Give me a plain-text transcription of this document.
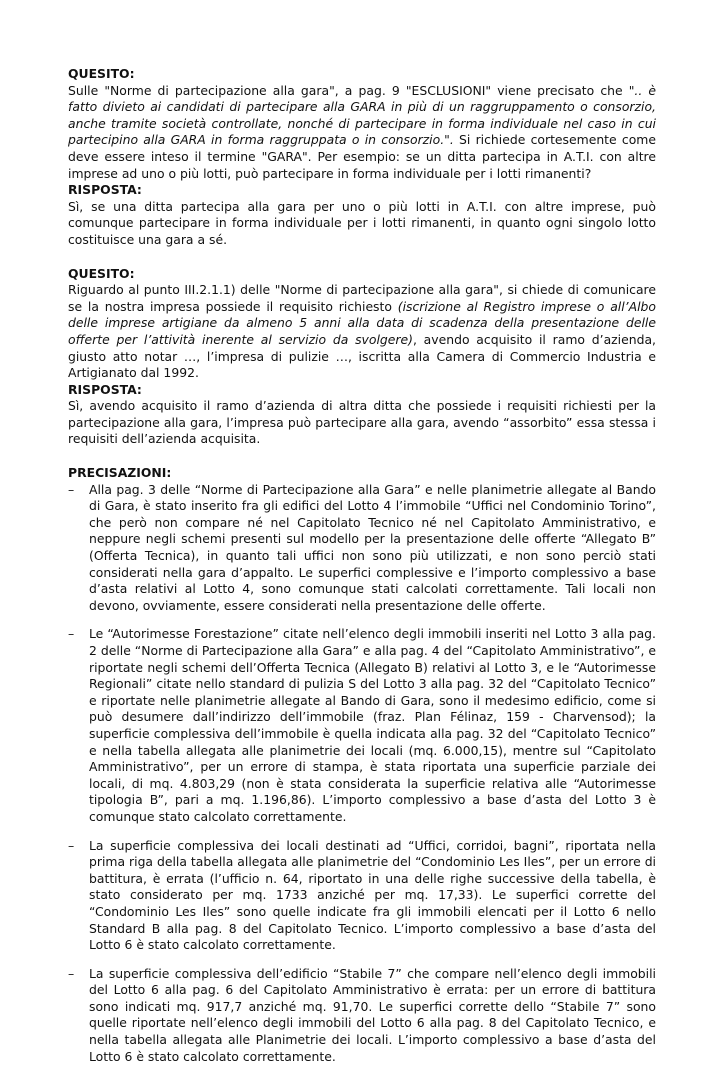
QUESITO:

Sulle "Norme di partecipazione alla gara", a pag. 9 "ESCLUSIONI" viene precisato che ".. è fatto divieto ai candidati di partecipare alla GARA in più di un raggruppamento o consorzio, anche tramite società controllate, nonché di partecipare in forma individuale nel caso in cui partecipino alla GARA in forma raggruppata o in consorzio.". Si richiede cortesemente come deve essere inteso il termine "GARA". Per esempio: se un ditta partecipa in A.T.I. con altre imprese ad uno o più lotti, può partecipare in forma individuale per i lotti rimanenti?

RISPOSTA:

Sì, se una ditta partecipa alla gara per uno o più lotti in A.T.I. con altre imprese, può comunque partecipare in forma individuale per i lotti rimanenti, in quanto ogni singolo lotto costituisce una gara a sé.

QUESITO:

Riguardo al punto III.2.1.1) delle "Norme di partecipazione alla gara", si chiede di comunicare se la nostra impresa possiede il requisito richiesto (iscrizione al Registro imprese o all’Albo delle imprese artigiane da almeno 5 anni alla data di scadenza della presentazione delle offerte per l’attività inerente al servizio da svolgere), avendo acquisito il ramo d’azienda, giusto atto notar …, l’impresa di pulizie …, iscritta alla Camera di Commercio Industria e Artigianato dal 1992.

RISPOSTA:

Sì, avendo acquisito il ramo d’azienda di altra ditta che possiede i requisiti richiesti per la partecipazione alla gara, l’impresa può partecipare alla gara, avendo “assorbito” essa stessa i requisiti dell’azienda acquisita.

PRECISAZIONI:
– Alla pag. 3 delle “Norme di Partecipazione alla Gara” e nelle planimetrie allegate al Bando di Gara, è stato inserito fra gli edifici del Lotto 4 l’immobile “Uffici nel Condominio Torino”, che però non compare né nel Capitolato Tecnico né nel Capitolato Amministrativo, e neppure negli schemi presenti sul modello per la presentazione delle offerte “Allegato B” (Offerta Tecnica), in quanto tali uffici non sono più utilizzati, e non sono perciò stati considerati nella gara d’appalto. Le superfici complessive e l’importo complessivo a base d’asta relativi al Lotto 4, sono comunque stati calcolati correttamente. Tali locali non devono, ovviamente, essere considerati nella presentazione delle offerte.
– Le “Autorimesse Forestazione” citate nell’elenco degli immobili inseriti nel Lotto 3 alla pag. 2 delle “Norme di Partecipazione alla Gara” e alla pag. 4 del “Capitolato Amministrativo”, e riportate negli schemi dell’Offerta Tecnica (Allegato B) relativi al Lotto 3, e le “Autorimesse Regionali” citate nello standard di pulizia S del Lotto 3 alla pag. 32 del “Capitolato Tecnico” e riportate nelle planimetrie allegate al Bando di Gara, sono il medesimo edificio, come si può desumere dall’indirizzo dell’immobile (fraz. Plan Félinaz, 159 - Charvensod); la superficie complessiva dell’immobile è quella indicata alla pag. 32 del “Capitolato Tecnico” e nella tabella allegata alle planimetrie dei locali (mq. 6.000,15), mentre sul “Capitolato Amministrativo”, per un errore di stampa, è stata riportata una superficie parziale dei locali, di mq. 4.803,29 (non è stata considerata la superficie relativa alle “Autorimesse tipologia B”, pari a mq. 1.196,86). L’importo complessivo a base d’asta del Lotto 3 è comunque stato calcolato correttamente.
– La superficie complessiva dei locali destinati ad “Uffici, corridoi, bagni”, riportata nella prima riga della tabella allegata alle planimetrie del “Condominio Les Iles”, per un errore di battitura, è errata (l’ufficio n. 64, riportato in una delle righe successive della tabella, è stato considerato per mq. 1733 anziché per mq. 17,33). Le superfici corrette del “Condominio Les Iles” sono quelle indicate fra gli immobili elencati per il Lotto 6 nello Standard B alla pag. 8 del Capitolato Tecnico. L’importo complessivo a base d’asta del Lotto 6 è stato calcolato correttamente.
– La superficie complessiva dell’edificio “Stabile 7” che compare nell’elenco degli immobili del Lotto 6 alla pag. 6 del Capitolato Amministrativo è errata: per un errore di battitura sono indicati mq. 917,7 anziché mq. 91,70. Le superfici corrette dello “Stabile 7” sono quelle riportate nell’elenco degli immobili del Lotto 6 alla pag. 8 del Capitolato Tecnico, e nella tabella allegata alle Planimetrie dei locali. L’importo complessivo a base d’asta del Lotto 6 è stato calcolato correttamente.
